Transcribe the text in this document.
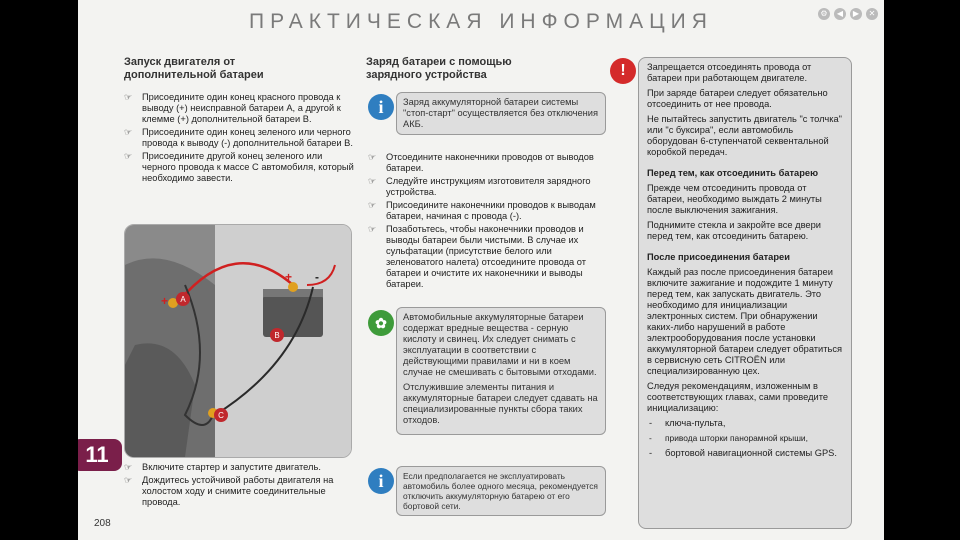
ПРАКТИЧЕСКАЯ ИНФОРМАЦИЯ	⚙	◀	▶	✕
Запуск двигателя от дополнительной батареи
☞ Присоедините один конец красного провода к выводу (+) неисправной батареи A, а другой к клемме (+) дополнительной батареи B.
☞ Присоедините один конец зеленого или черного провода к выводу (-) дополнительной батареи B.
☞ Присоедините другой конец зеленого или черного провода к массе C автомобиля, который необходимо завести.
A
B
C
+
+ -
☞ Включите стартер и запустите двигатель.
☞ Дождитесь устойчивой работы двигателя на холостом ходу и снимите соединительные провода.
Заряд батареи с помощью зарядного устройства
i	Заряд аккумуляторной батареи системы "стоп-старт" осуществляется без отключения АКБ.
☞ Отсоедините наконечники проводов от выводов батареи.
☞ Следуйте инструкциям изготовителя зарядного устройства.
☞ Присоедините наконечники проводов к выводам батареи, начиная с провода (-).
☞ Позаботьтесь, чтобы наконечники проводов и выводы батареи были чистыми. В случае их сульфатации (присутствие белого или зеленоватого налета) отсоедините провода от батареи и очистите их наконечники и выводы батареи.
✿	Автомобильные аккумуляторные батареи содержат вредные вещества - серную кислоту и свинец. Их следует снимать с эксплуатации в соответствии с действующими правилами и ни в коем случае не смешивать с бытовыми отходами.

Отслужившие элементы питания и аккумуляторные батареи следует сдавать на специализированные пункты сбора таких отходов.

i	Если предполагается не эксплуатировать автомобиль более одного месяца, рекомендуется отключить аккумуляторную батарею от его бортовой сети.
!	Запрещается отсоединять провода от батареи при работающем двигателе.

При заряде батареи следует обязательно отсоединить от нее провода.

Не пытайтесь запустить двигатель "с толчка" или "с буксира", если автомобиль оборудован 6-ступенчатой секвентальной коробкой передач.

Перед тем, как отсоединить батарею

Прежде чем отсоединить провода от батареи, необходимо выждать 2 минуты после выключения зажигания.

Поднимите стекла и закройте все двери перед тем, как отсоединить батарею.

После присоединения батареи

Каждый раз после присоединения батареи включите зажигание и подождите 1 минуту перед тем, как запускать двигатель. Это необходимо для инициализации электронных систем. При обнаружении каких-либо нарушений в работе электрооборудования после установки аккумуляторной батареи следует обратиться в сервисную сеть CITROËN или специализированную цех.

Следуя рекомендациям, изложенным в соответствующих главах, сами проведите инициализацию:

- ключа-пульта,
- привода шторки панорамной крыши,
- бортовой навигационной системы GPS.
11
208
